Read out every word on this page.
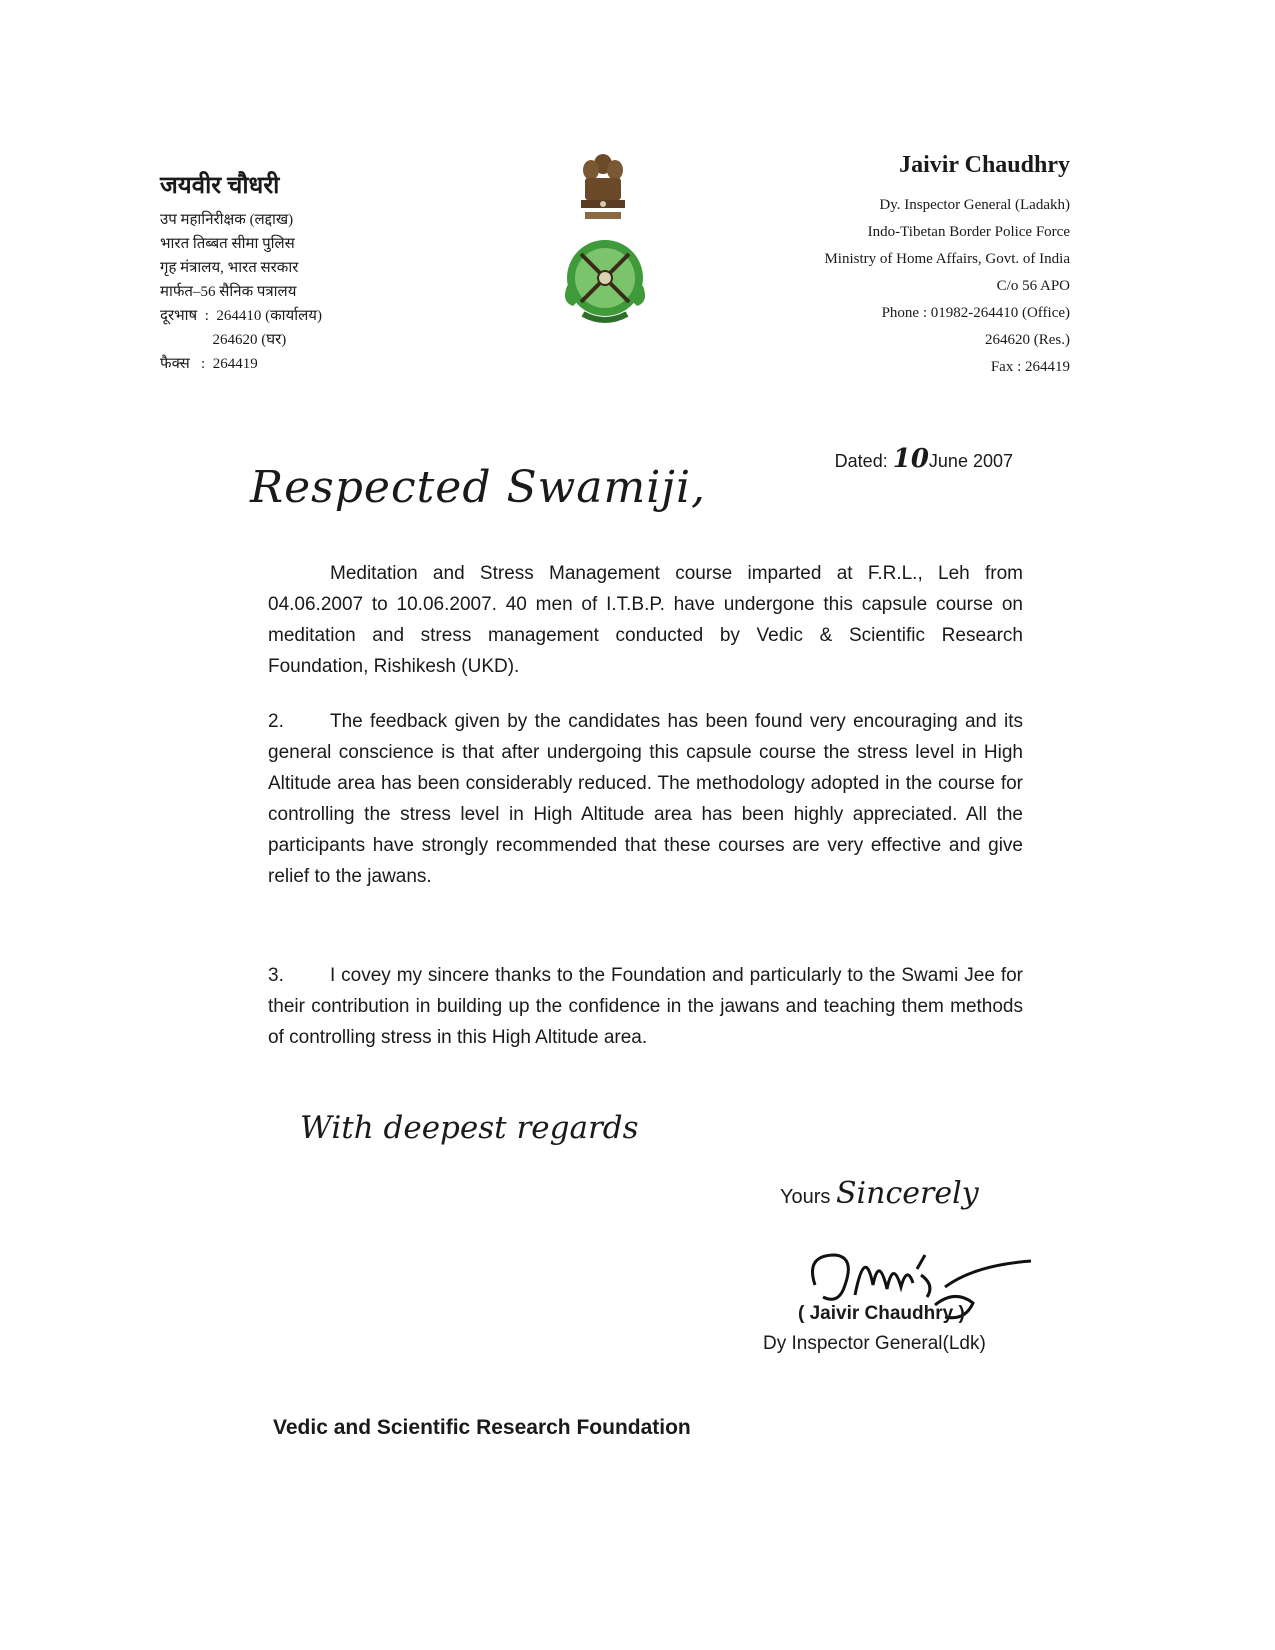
जयवीर चौधरी
उप महानिरीक्षक (लद्दाख)
भारत तिब्बत सीमा पुलिस
गृह मंत्रालय, भारत सरकार
मार्फत–56 सैनिक पत्रालय
दूरभाष  :  264410 (कार्यालय)
264620 (घर)
फैक्स   :  264419
Jaivir Chaudhry
Dy. Inspector General (Ladakh)
Indo-Tibetan Border Police Force
Ministry of Home Affairs, Govt. of India
C/o 56 APO
Phone : 01982-264410 (Office)
264620 (Res.)
Fax : 264419
Dated: 10June 2007
Respected Swamiji,
Meditation and Stress Management course imparted at F.R.L., Leh from 04.06.2007 to 10.06.2007. 40 men of I.T.B.P. have undergone this capsule course on meditation and stress management conducted by Vedic & Scientific Research Foundation, Rishikesh (UKD).
2. The feedback given by the candidates has been found very encouraging and its general conscience is that after undergoing this capsule course the stress level in High Altitude area has been considerably reduced. The methodology adopted in the course for controlling the stress level in High Altitude area has been highly appreciated. All the participants have strongly recommended that these courses are very effective and give relief to the jawans.
3. I covey my sincere thanks to the Foundation and particularly to the Swami Jee for their contribution in building up the confidence in the jawans and teaching them methods of controlling stress in this High Altitude area.
With deepest regards
Yours Sincerely
( Jaivir Chaudhry )
Dy Inspector General(Ldk)
Vedic and Scientific Research Foundation
